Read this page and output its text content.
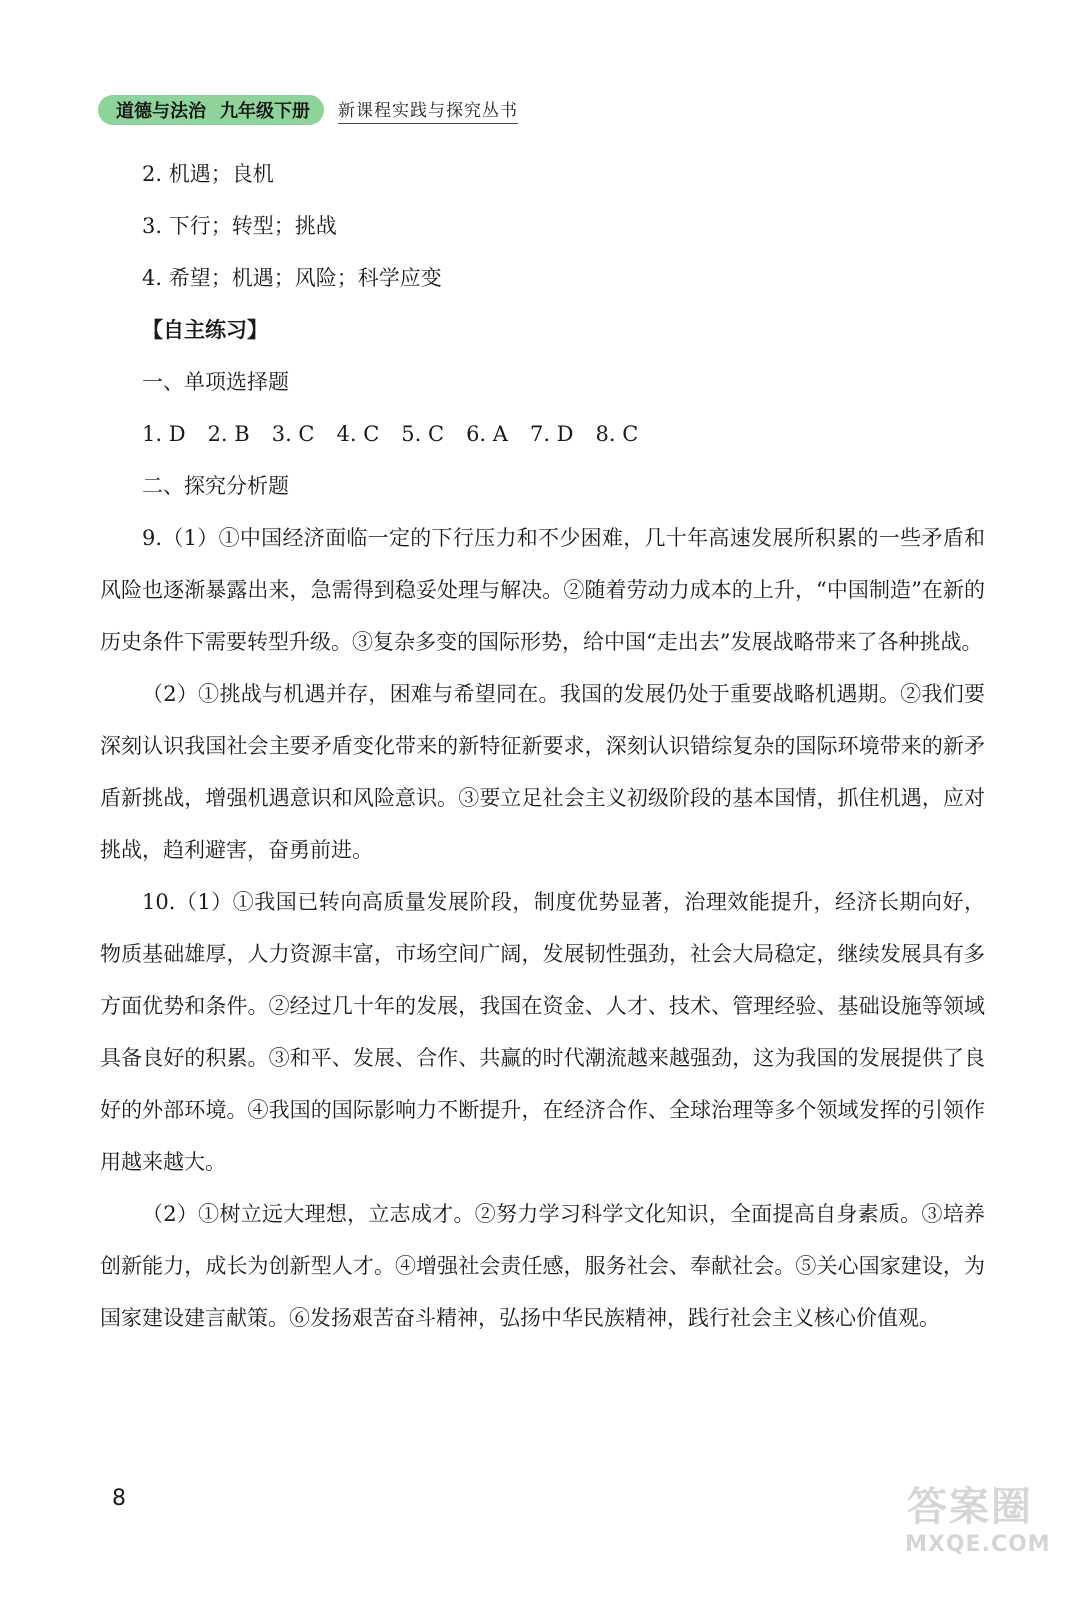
道德与法治 九年级下册 新课程实践与探究丛书
2. 机遇；良机
3. 下行；转型；挑战
4. 希望；机遇；风险；科学应变
【自主练习】
一、单项选择题
1. D 2. B 3. C 4. C 5. C 6. A 7. D 8. C
二、探究分析题

9.（1）①中国经济面临一定的下行压力和不少困难，几十年高速发展所积累的一些矛盾和风险也逐渐暴露出来，急需得到稳妥处理与解决。②随着劳动力成本的上升，“中国制造”在新的历史条件下需要转型升级。③复杂多变的国际形势，给中国“走出去”发展战略带来了各种挑战。

（2）①挑战与机遇并存，困难与希望同在。我国的发展仍处于重要战略机遇期。②我们要深刻认识我国社会主要矛盾变化带来的新特征新要求，深刻认识错综复杂的国际环境带来的新矛盾新挑战，增强机遇意识和风险意识。③要立足社会主义初级阶段的基本国情，抓住机遇，应对挑战，趋利避害，奋勇前进。

10.（1）①我国已转向高质量发展阶段，制度优势显著，治理效能提升，经济长期向好，物质基础雄厚，人力资源丰富，市场空间广阔，发展韧性强劲，社会大局稳定，继续发展具有多方面优势和条件。②经过几十年的发展，我国在资金、人才、技术、管理经验、基础设施等领域具备良好的积累。③和平、发展、合作、共赢的时代潮流越来越强劲，这为我国的发展提供了良好的外部环境。④我国的国际影响力不断提升，在经济合作、全球治理等多个领域发挥的引领作用越来越大。

（2）①树立远大理想，立志成才。②努力学习科学文化知识，全面提高自身素质。③培养创新能力，成长为创新型人才。④增强社会责任感，服务社会、奉献社会。⑤关心国家建设，为国家建设建言献策。⑥发扬艰苦奋斗精神，弘扬中华民族精神，践行社会主义核心价值观。

8	答案圈
MXQE.COM
